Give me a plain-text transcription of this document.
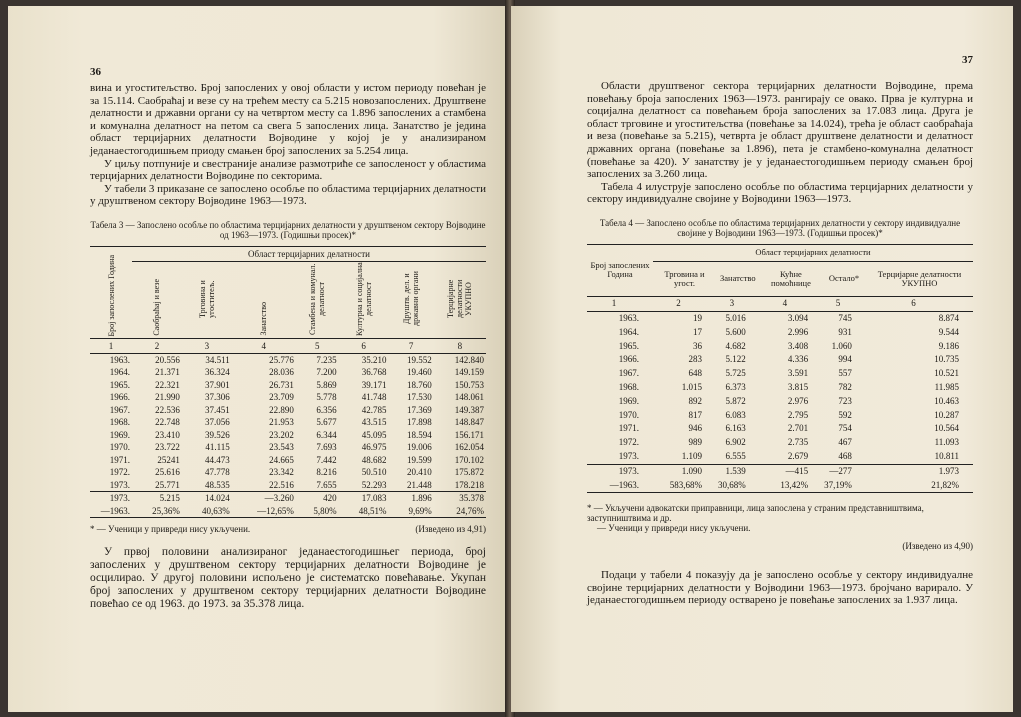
36

вина и угоститељство. Број запослених у овој области у истом периоду повећан је за 15.114. Саобраћај и везе су на трећем месту са 5.215 новозапослених. Друштвене делатности и државни органи су на четвртом месту са 1.896 запослених а стамбена и комунална делатност на петом са свега 5 запослених лица. Занатство је једина област терцијарних делатности Војводине у којој је у анализираном једанаестогодишњем приоду смањен број запослених за 5.254 лица.

У циљу потпуније и свестраније анализе размотриће се запосленост у областима терцијарних делатности Војводине по секторима.

У табели 3 приказане се запослено особље по областима терцијарних делатности у друштвеном сектору Војводине 1963—1973.

Табела 3 — Запослено особље по областима терцијарних делатности у друштвеном сектору Војводине од 1963—1973. (Годишњи просек)*
Број запослених Година	Област терцијарних делатности						
	Саобраћај и везе	Трговина и угоститељ.	Занатство	Стамбена и комунал. делатност	Културна и социјална делатност	Друштв. дел. и државни органи	Терцијарне делатности УКУПНО
1	2	3	4	5	6	7	8
1963.	20.556	34.511	25.776	7.235	35.210	19.552	142.840
1964.	21.371	36.324	28.036	7.200	36.768	19.460	149.159
1965.	22.321	37.901	26.731	5.869	39.171	18.760	150.753
1966.	21.990	37.306	23.709	5.778	41.748	17.530	148.061
1967.	22.536	37.451	22.890	6.356	42.785	17.369	149.387
1968.	22.748	37.056	21.953	5.677	43.515	17.898	148.847
1969.	23.410	39.526	23.202	6.344	45.095	18.594	156.171
1970.	23.722	41.115	23.543	7.693	46.975	19.006	162.054
1971.	25241	44.473	24.665	7.442	48.682	19.599	170.102
1972.	25.616	47.778	23.342	8.216	50.510	20.410	175.872
1973.	25.771	48.535	22.516	7.655	52.293	21.448	178.218
1973.	5.215	14.024	—3.260	420	17.083	1.896	35.378
—1963.	25,36%	40,63%	—12,65%	5,80%	48,51%	9,69%	24,76%
* — Ученици у привреди нису укључени.	(Изведено из 4,91)

У првој половини анализираног једанаестогодишњег периода, број запослених у друштвеном сектору терцијарних делатности Војводине је осцилирао. У другој половини испољено је систематско повећавање. Укупан број запослених у друштвеном сектору терцијарних делатности Војводине повећао се од 1963. до 1973. за 35.378 лица.

37

Области друштвеног сектора терцијарних делатности Војводине, према повећању броја запослених 1963—1973. рангирају се овако. Прва је културна и социјална делатност са повећањем броја запослених за 17.083 лица. Друга је област трговине и угоститељства (повећање за 14.024), трећа је област саобраћаја и веза (повећање за 5.215), четврта је област друштвене делатности и делатност државних органа (повећање за 1.896), пета је стамбено-комунална делатност (повећање за 420). У занатству је у једанаестогодишњем периоду смањен број запослених за 3.260 лица.

Табела 4 илуструје запослено особље по областима терцијарних делатности у сектору индивидуалне својине у Војводини 1963—1973.

Табела 4 — Запослено особље по областима терцијарних делатности у сектору индивидуалне својине у Војводини 1963—1973. (Годишњи просек)*
Број запослених Година	Област терцијарних делатности				
	Трговина и угост.	Занатство	Кућне помоћнице	Остало*	Терцијарне делатности УКУПНО
1	2	3	4	5	6
1963.	19	5.016	3.094	745	8.874
1964.	17	5.600	2.996	931	9.544
1965.	36	4.682	3.408	1.060	9.186
1966.	283	5.122	4.336	994	10.735
1967.	648	5.725	3.591	557	10.521
1968.	1.015	6.373	3.815	782	11.985
1969.	892	5.872	2.976	723	10.463
1970.	817	6.083	2.795	592	10.287
1971.	946	6.163	2.701	754	10.564
1972.	989	6.902	2.735	467	11.093
1973.	1.109	6.555	2.679	468	10.811
1973.	1.090	1.539	—415	—277	1.973
—1963.	583,68%	30,68%	13,42%	37,19%	21,82%
* — Укључени адвокатски приправници, лица запослена у страним представништвима, заступништвима и др.
— Ученици у привреди нису укључени.
(Изведено из 4,90)

Подаци у табели 4 показују да је запослено особље у сектору индивидуалне својине терцијарних делатности у Војводини 1963—1973. бројчано варирало. У једанаестогодишњем периоду остварено је повећање запослених за 1.937 лица.
